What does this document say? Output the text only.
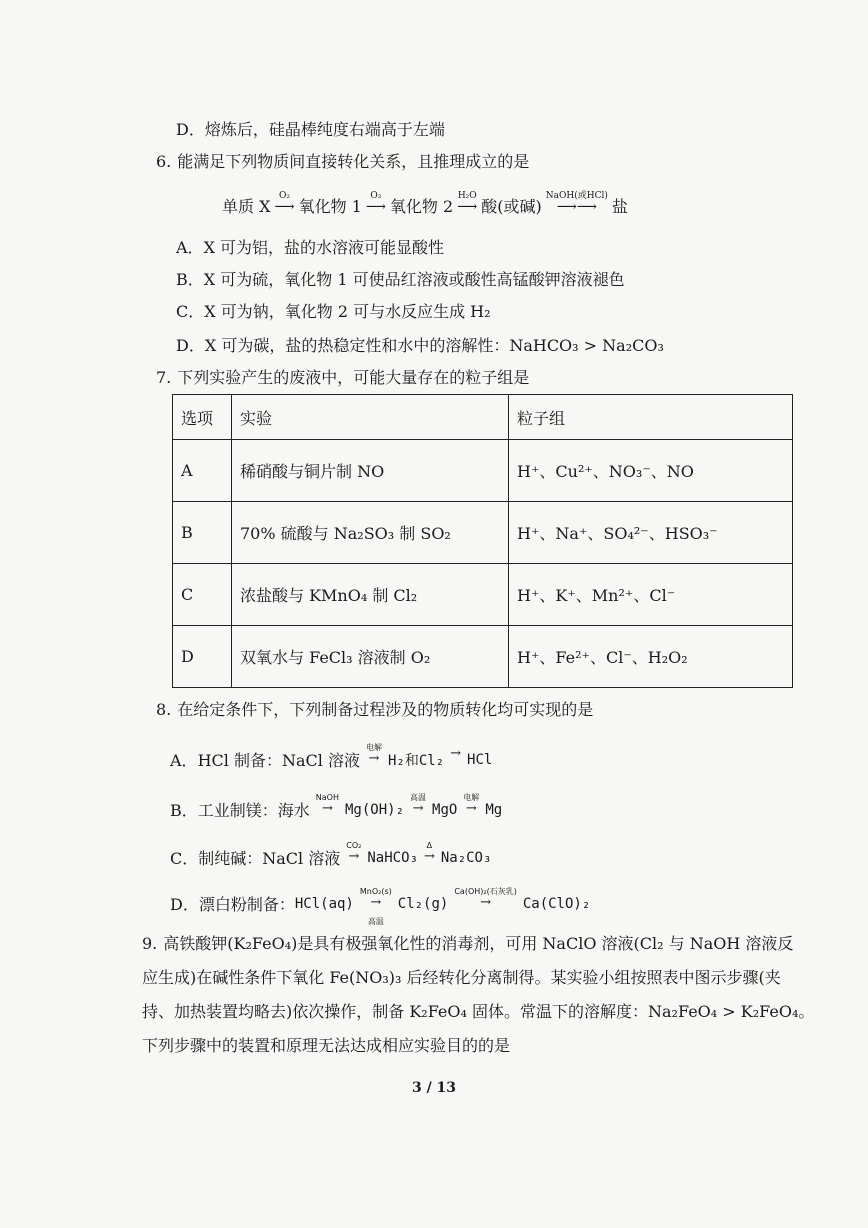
D．熔炼后，硅晶棒纯度右端高于左端
6. 能满足下列物质间直接转化关系，且推理成立的是
单质 X
O₂
⟶ 氧化物 1
O₂
⟶ 氧化物 2
H₂O
⟶ 酸(或碱)
NaOH(或HCl)
⟶⟶ 盐
A．X 可为铝，盐的水溶液可能显酸性
B．X 可为硫，氧化物 1 可使品红溶液或酸性高锰酸钾溶液褪色
C．X 可为钠，氧化物 2 可与水反应生成 H₂
D．X 可为碳，盐的热稳定性和水中的溶解性：NaHCO₃ > Na₂CO₃
7. 下列实验产生的废液中，可能大量存在的粒子组是
选项	实验	粒子组
A	稀硝酸与铜片制 NO	H⁺、Cu²⁺、NO₃⁻、NO
B	70% 硫酸与 Na₂SO₃ 制 SO₂	H⁺、Na⁺、SO₄²⁻、HSO₃⁻
C	浓盐酸与 KMnO₄ 制 Cl₂	H⁺、K⁺、Mn²⁺、Cl⁻
D	双氧水与 FeCl₃ 溶液制 O₂	H⁺、Fe²⁺、Cl⁻、H₂O₂
8. 在给定条件下，下列制备过程涉及的物质转化均可实现的是
A． HCl 制备： NaCl 溶液
电解
→ H₂和Cl₂ → HCl
B． 工业制镁： 海水
NaOH
→ Mg(OH)₂
高温
→ MgO
电解
→ Mg
C． 制纯碱： NaCl 溶液
CO₂
→ NaHCO₃
Δ
→ Na₂CO₃
D． 漂白粉制备： HCl(aq)
MnO₂(s)
→
高温
Cl₂(g)
Ca(OH)₂(石灰乳)
→ Ca(ClO)₂
9. 高铁酸钾(K₂FeO₄)是具有极强氧化性的消毒剂，可用 NaClO 溶液(Cl₂ 与 NaOH 溶液反
应生成)在碱性条件下氧化 Fe(NO₃)₃ 后经转化分离制得。某实验小组按照表中图示步骤(夹
持、加热装置均略去)依次操作，制备 K₂FeO₄ 固体。常温下的溶解度：Na₂FeO₄ > K₂FeO₄。
下列步骤中的装置和原理无法达成相应实验目的的是
3 / 13
